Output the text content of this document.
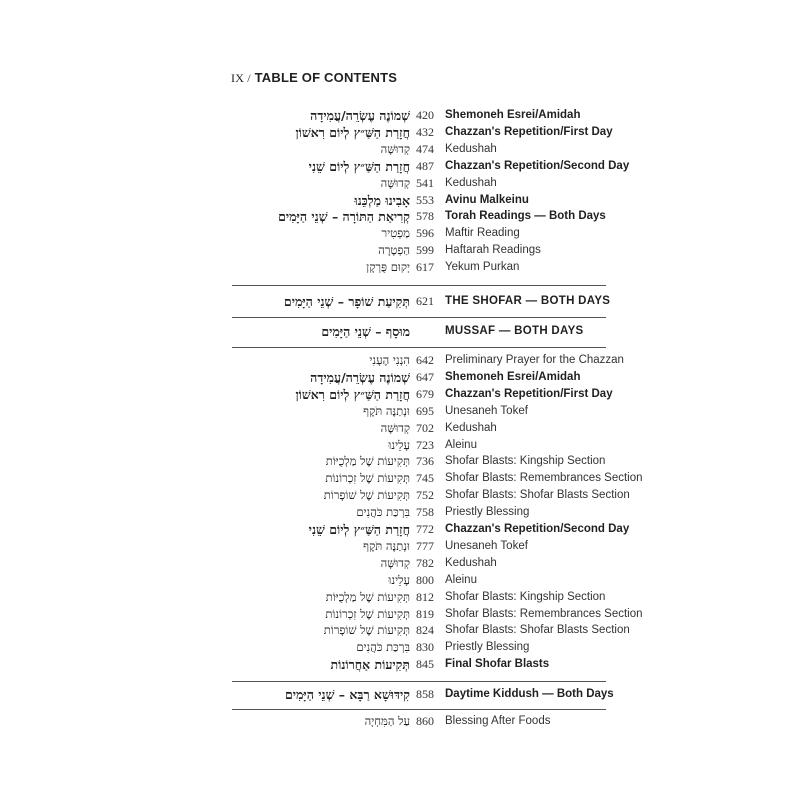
IX / TABLE OF CONTENTS
שְׁמוֹנֶה עֶשְׂרֵה/עֲמִידָה 420 Shemoneh Esrei/Amidah
חֲזָרַת הַשַּׁ״ץ לְיוֹם רִאשׁוֹן 432 Chazzan's Repetition/First Day
קְדוּשָּׁה 474 Kedushah
חֲזָרַת הַשַּׁ״ץ לְיוֹם שֵׁנִי 487 Chazzan's Repetition/Second Day
קְדוּשָּׁה 541 Kedushah
אָבִינוּ מַלְכֵּנוּ 553 Avinu Malkeinu
קְרִיאַת הַתּוֹרָה – שְׁנֵי הַיָּמִים 578 Torah Readings — Both Days
מַפְטִיר 596 Maftir Reading
הַפְטָרָה 599 Haftarah Readings
יְקוּם פֻּרְקָן 617 Yekum Purkan
תְּקִיעַת שׁוֹפָר – שְׁנֵי הַיָּמִים 621 THE SHOFAR — BOTH DAYS
מוּסָף – שְׁנֵי הַיָּמִים	MUSSAF — BOTH DAYS
הִנְנִי הֶעָנִי 642 Preliminary Prayer for the Chazzan
שְׁמוֹנֶה עֶשְׂרֵה/עֲמִידָה 647 Shemoneh Esrei/Amidah
חֲזָרַת הַשַּׁ״ץ לְיוֹם רִאשׁוֹן 679 Chazzan's Repetition/First Day
וּנְתַנֶּה תֹּקֶף 695 Unesaneh Tokef
קְדוּשָּׁה 702 Kedushah
עָלֵינוּ 723 Aleinu
תְּקִיעוֹת שֶׁל מַלְכֻיּוֹת 736 Shofar Blasts: Kingship Section
תְּקִיעוֹת שֶׁל זִכְרוֹנוֹת 745 Shofar Blasts: Remembrances Section
תְּקִיעוֹת שֶׁל שׁוֹפָרוֹת 752 Shofar Blasts: Shofar Blasts Section
בִּרְכַּת כֹּהֲנִים 758 Priestly Blessing
חֲזָרַת הַשַּׁ״ץ לְיוֹם שֵׁנִי 772 Chazzan's Repetition/Second Day
וּנְתַנֶּה תֹּקֶף 777 Unesaneh Tokef
קְדוּשָּׁה 782 Kedushah
עָלֵינוּ 800 Aleinu
תְּקִיעוֹת שֶׁל מַלְכֻיּוֹת 812 Shofar Blasts: Kingship Section
תְּקִיעוֹת שֶׁל זִכְרוֹנוֹת 819 Shofar Blasts: Remembrances Section
תְּקִיעוֹת שֶׁל שׁוֹפָרוֹת 824 Shofar Blasts: Shofar Blasts Section
בִּרְכַּת כֹּהֲנִים 830 Priestly Blessing
תְּקִיעוֹת אַחֲרוֹנוֹת 845 Final Shofar Blasts
קִידּוּשָׁא רַבָּא – שְׁנֵי הַיָּמִים 858 Daytime Kiddush — Both Days
עַל הַמִּחְיָה 860 Blessing After Foods
